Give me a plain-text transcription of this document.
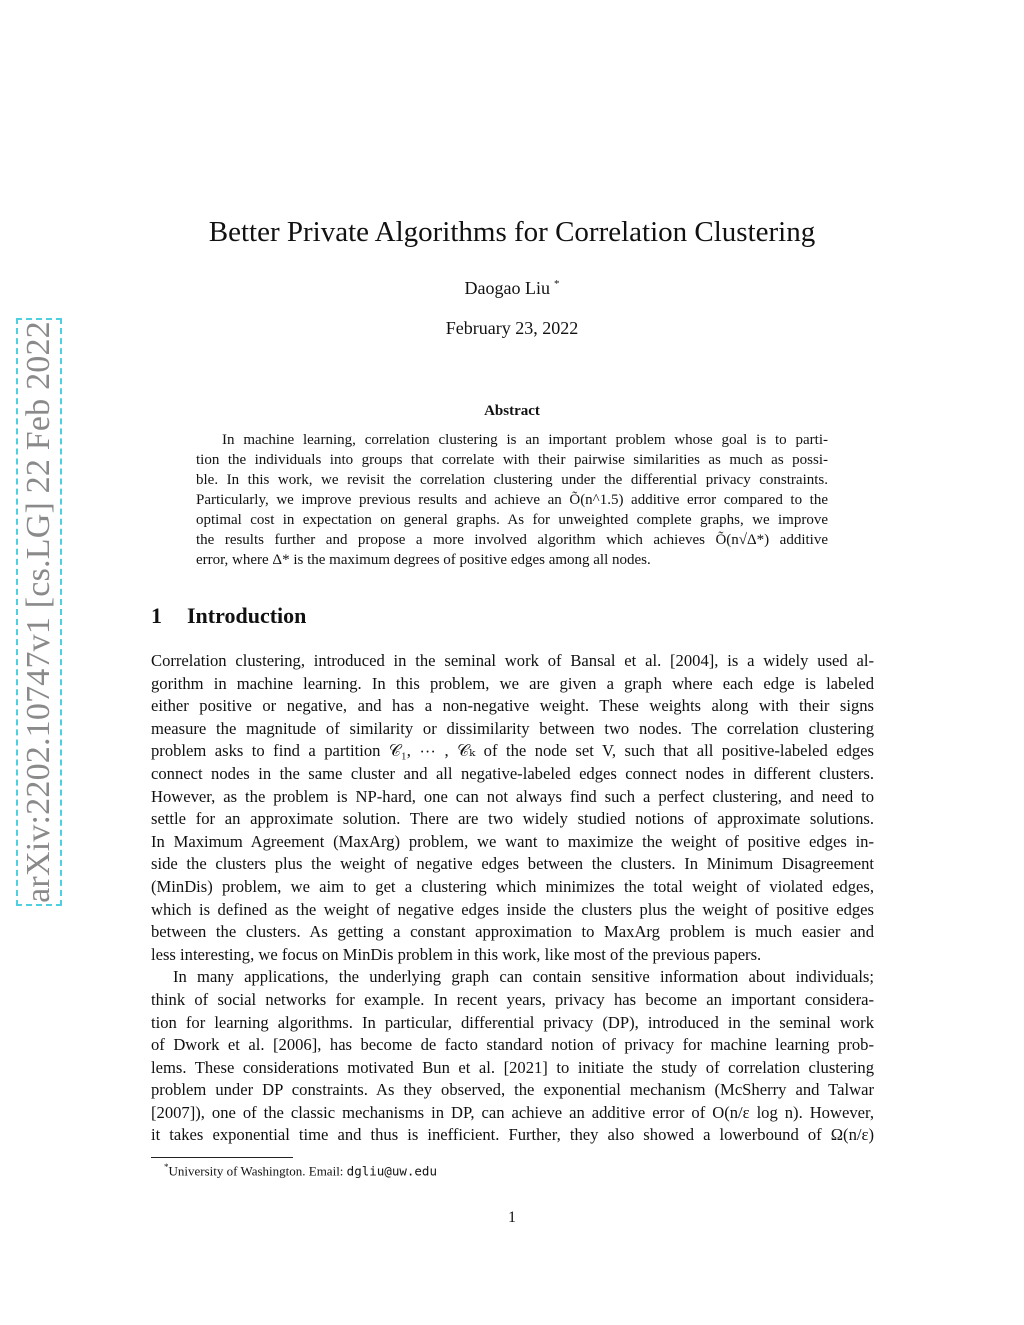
arXiv:2202.10747v1 [cs.LG] 22 Feb 2022
Better Private Algorithms for Correlation Clustering
Daogao Liu *
February 23, 2022
Abstract
In machine learning, correlation clustering is an important problem whose goal is to parti-
tion the individuals into groups that correlate with their pairwise similarities as much as possi-
ble. In this work, we revisit the correlation clustering under the differential privacy constraints.
Particularly, we improve previous results and achieve an Õ(n^1.5) additive error compared to the
optimal cost in expectation on general graphs. As for unweighted complete graphs, we improve
the results further and propose a more involved algorithm which achieves Õ(n√Δ*) additive
error, where Δ* is the maximum degrees of positive edges among all nodes.
1 Introduction
Correlation clustering, introduced in the seminal work of Bansal et al. [2004], is a widely used al-
gorithm in machine learning. In this problem, we are given a graph where each edge is labeled
either positive or negative, and has a non-negative weight. These weights along with their signs
measure the magnitude of similarity or dissimilarity between two nodes. The correlation clustering
problem asks to find a partition 𝒞₁, ⋯ , 𝒞ₖ of the node set V, such that all positive-labeled edges
connect nodes in the same cluster and all negative-labeled edges connect nodes in different clusters.
However, as the problem is NP-hard, one can not always find such a perfect clustering, and need to
settle for an approximate solution. There are two widely studied notions of approximate solutions.
In Maximum Agreement (MaxArg) problem, we want to maximize the weight of positive edges in-
side the clusters plus the weight of negative edges between the clusters. In Minimum Disagreement
(MinDis) problem, we aim to get a clustering which minimizes the total weight of violated edges,
which is defined as the weight of negative edges inside the clusters plus the weight of positive edges
between the clusters. As getting a constant approximation to MaxArg problem is much easier and
less interesting, we focus on MinDis problem in this work, like most of the previous papers.
In many applications, the underlying graph can contain sensitive information about individuals;
think of social networks for example. In recent years, privacy has become an important considera-
tion for learning algorithms. In particular, differential privacy (DP), introduced in the seminal work
of Dwork et al. [2006], has become de facto standard notion of privacy for machine learning prob-
lems. These considerations motivated Bun et al. [2021] to initiate the study of correlation clustering
problem under DP constraints. As they observed, the exponential mechanism (McSherry and Talwar
[2007]), one of the classic mechanisms in DP, can achieve an additive error of O(n/ε log n). However,
it takes exponential time and thus is inefficient. Further, they also showed a lowerbound of Ω(n/ε)
*University of Washington. Email: dgliu@uw.edu
1
